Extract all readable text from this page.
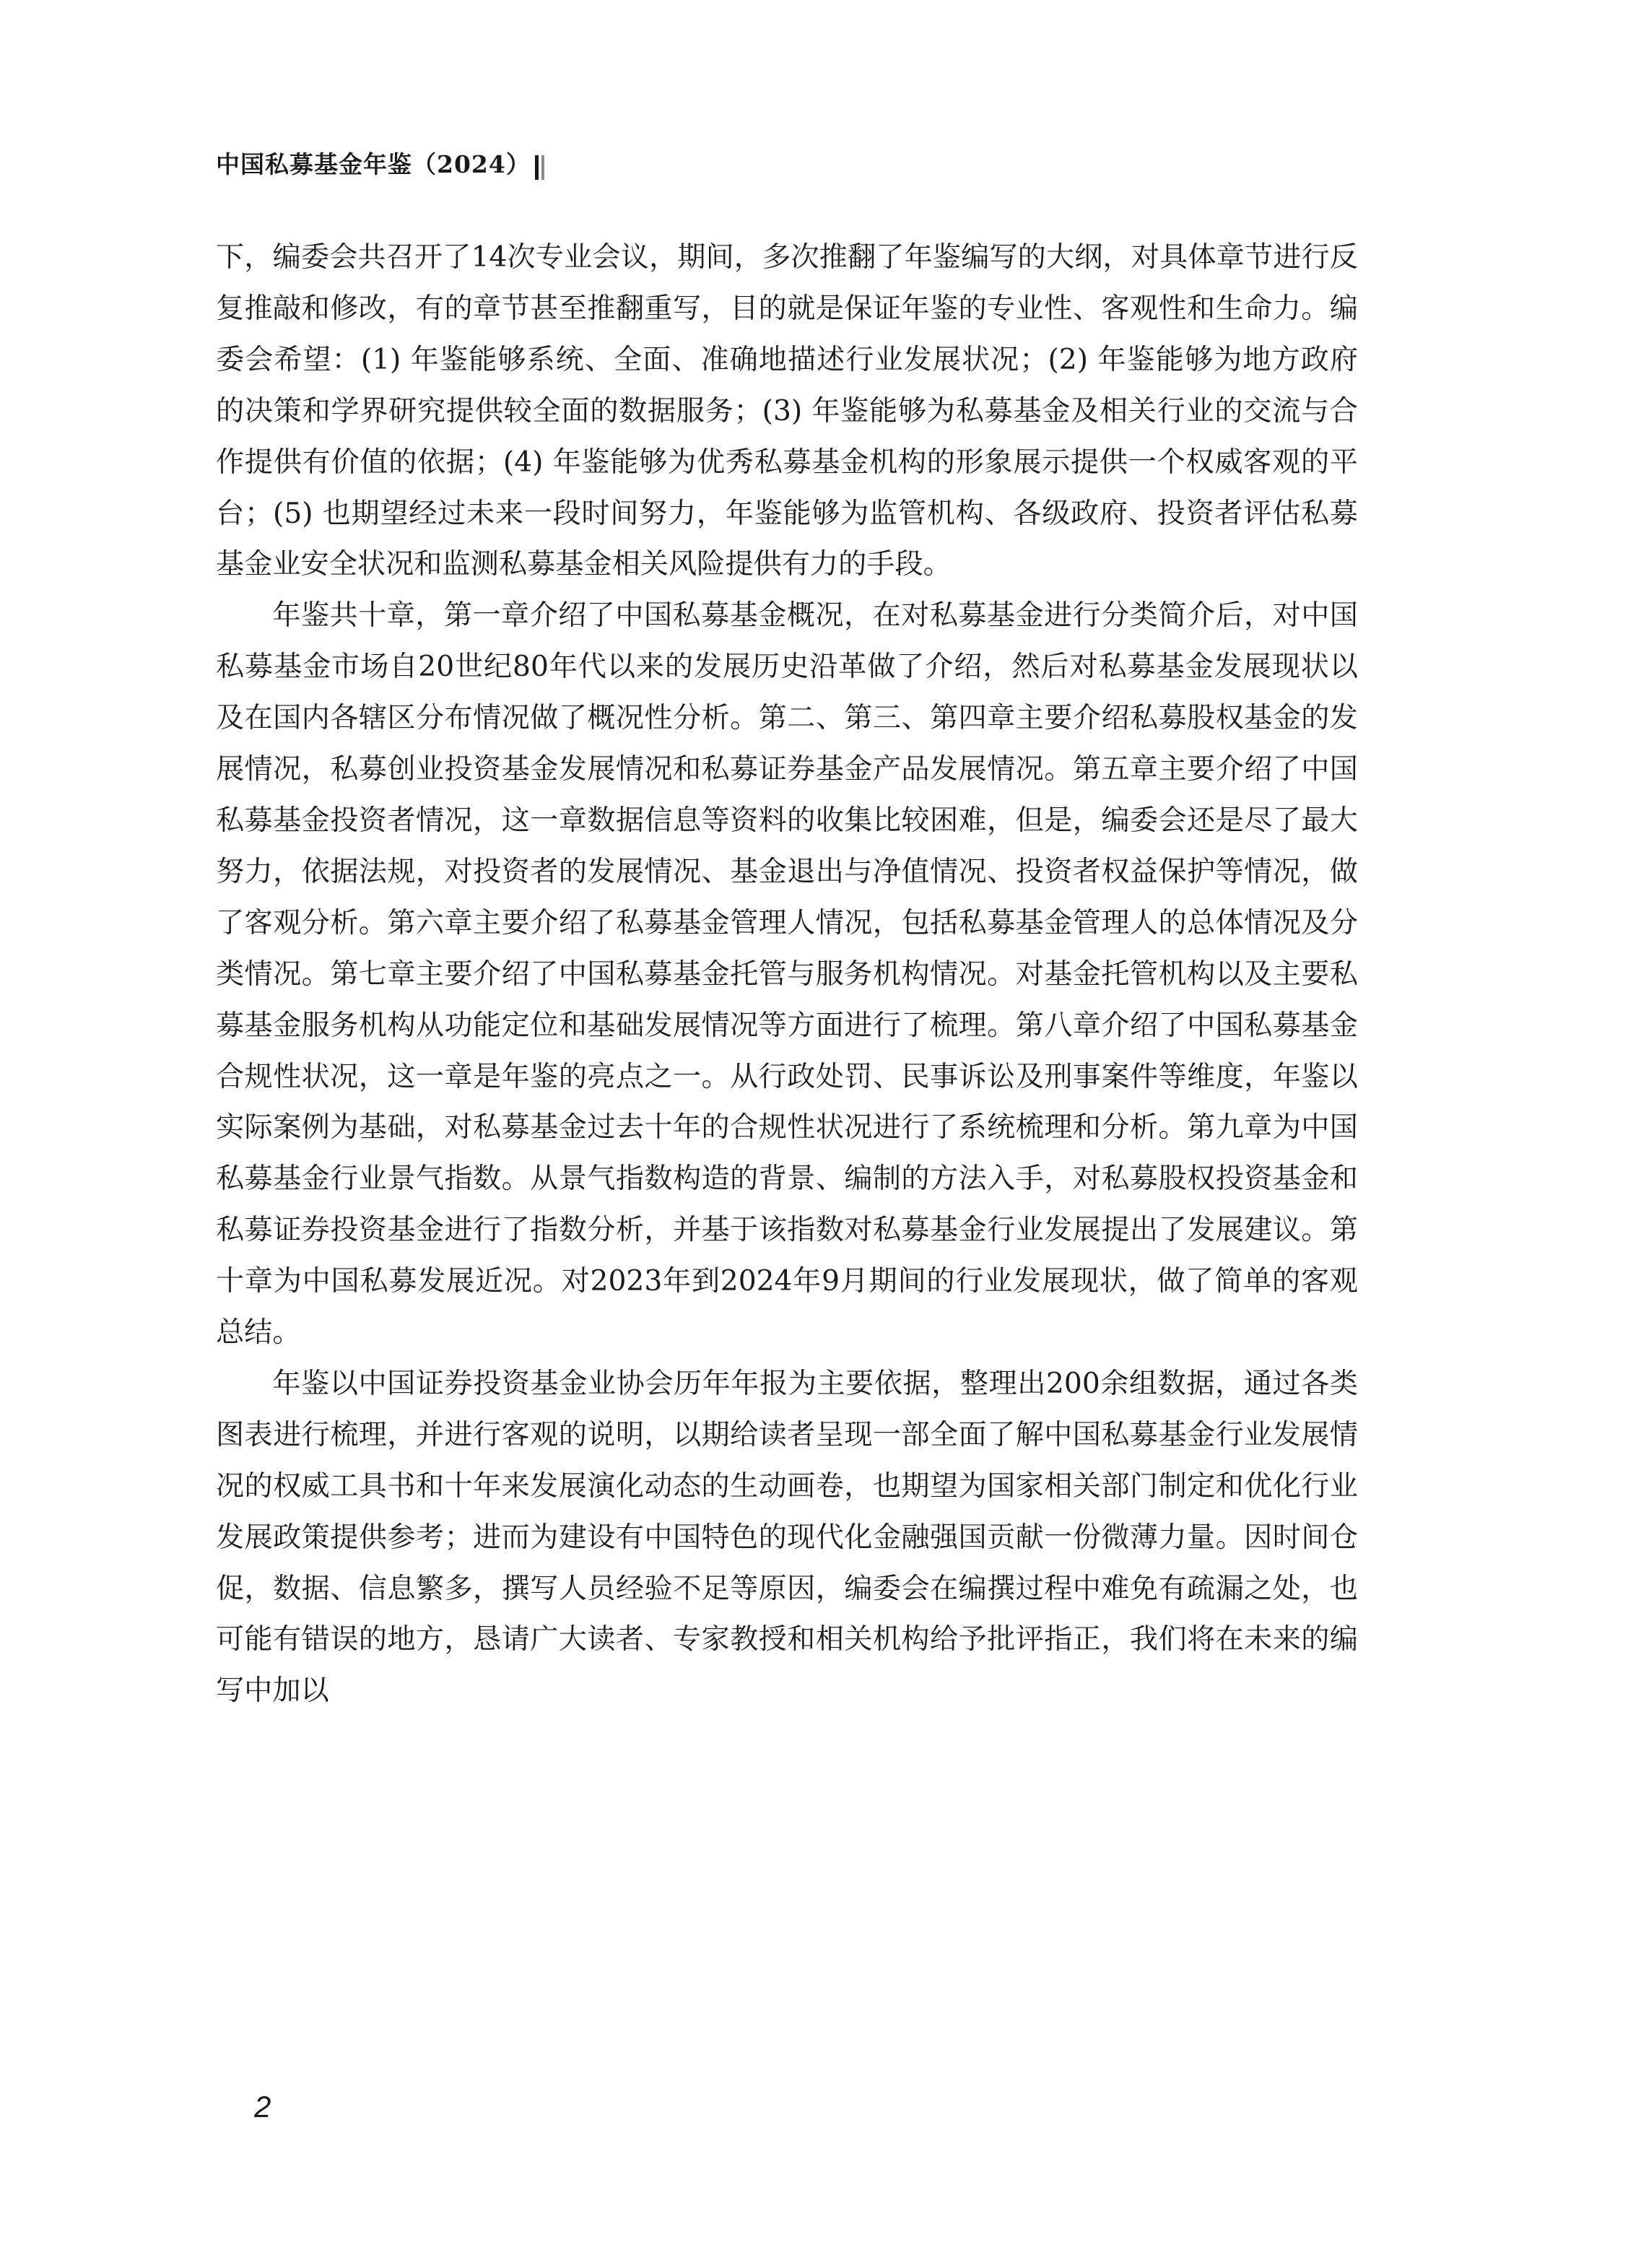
中国私募基金年鉴（2024）

下，编委会共召开了14次专业会议，期间，多次推翻了年鉴编写的大纲，对具体章节进行反复推敲和修改，有的章节甚至推翻重写，目的就是保证年鉴的专业性、客观性和生命力。编委会希望：(1) 年鉴能够系统、全面、准确地描述行业发展状况；(2) 年鉴能够为地方政府的决策和学界研究提供较全面的数据服务；(3) 年鉴能够为私募基金及相关行业的交流与合作提供有价值的依据；(4) 年鉴能够为优秀私募基金机构的形象展示提供一个权威客观的平台；(5) 也期望经过未来一段时间努力，年鉴能够为监管机构、各级政府、投资者评估私募基金业安全状况和监测私募基金相关风险提供有力的手段。

年鉴共十章，第一章介绍了中国私募基金概况，在对私募基金进行分类简介后，对中国私募基金市场自20世纪80年代以来的发展历史沿革做了介绍，然后对私募基金发展现状以及在国内各辖区分布情况做了概况性分析。第二、第三、第四章主要介绍私募股权基金的发展情况，私募创业投资基金发展情况和私募证券基金产品发展情况。第五章主要介绍了中国私募基金投资者情况，这一章数据信息等资料的收集比较困难，但是，编委会还是尽了最大努力，依据法规，对投资者的发展情况、基金退出与净值情况、投资者权益保护等情况，做了客观分析。第六章主要介绍了私募基金管理人情况，包括私募基金管理人的总体情况及分类情况。第七章主要介绍了中国私募基金托管与服务机构情况。对基金托管机构以及主要私募基金服务机构从功能定位和基础发展情况等方面进行了梳理。第八章介绍了中国私募基金合规性状况，这一章是年鉴的亮点之一。从行政处罚、民事诉讼及刑事案件等维度，年鉴以实际案例为基础，对私募基金过去十年的合规性状况进行了系统梳理和分析。第九章为中国私募基金行业景气指数。从景气指数构造的背景、编制的方法入手，对私募股权投资基金和私募证券投资基金进行了指数分析，并基于该指数对私募基金行业发展提出了发展建议。第十章为中国私募发展近况。对2023年到2024年9月期间的行业发展现状，做了简单的客观总结。

年鉴以中国证券投资基金业协会历年年报为主要依据，整理出200余组数据，通过各类图表进行梳理，并进行客观的说明，以期给读者呈现一部全面了解中国私募基金行业发展情况的权威工具书和十年来发展演化动态的生动画卷，也期望为国家相关部门制定和优化行业发展政策提供参考；进而为建设有中国特色的现代化金融强国贡献一份微薄力量。因时间仓促，数据、信息繁多，撰写人员经验不足等原因，编委会在编撰过程中难免有疏漏之处，也可能有错误的地方，恳请广大读者、专家教授和相关机构给予批评指正，我们将在未来的编写中加以

2
